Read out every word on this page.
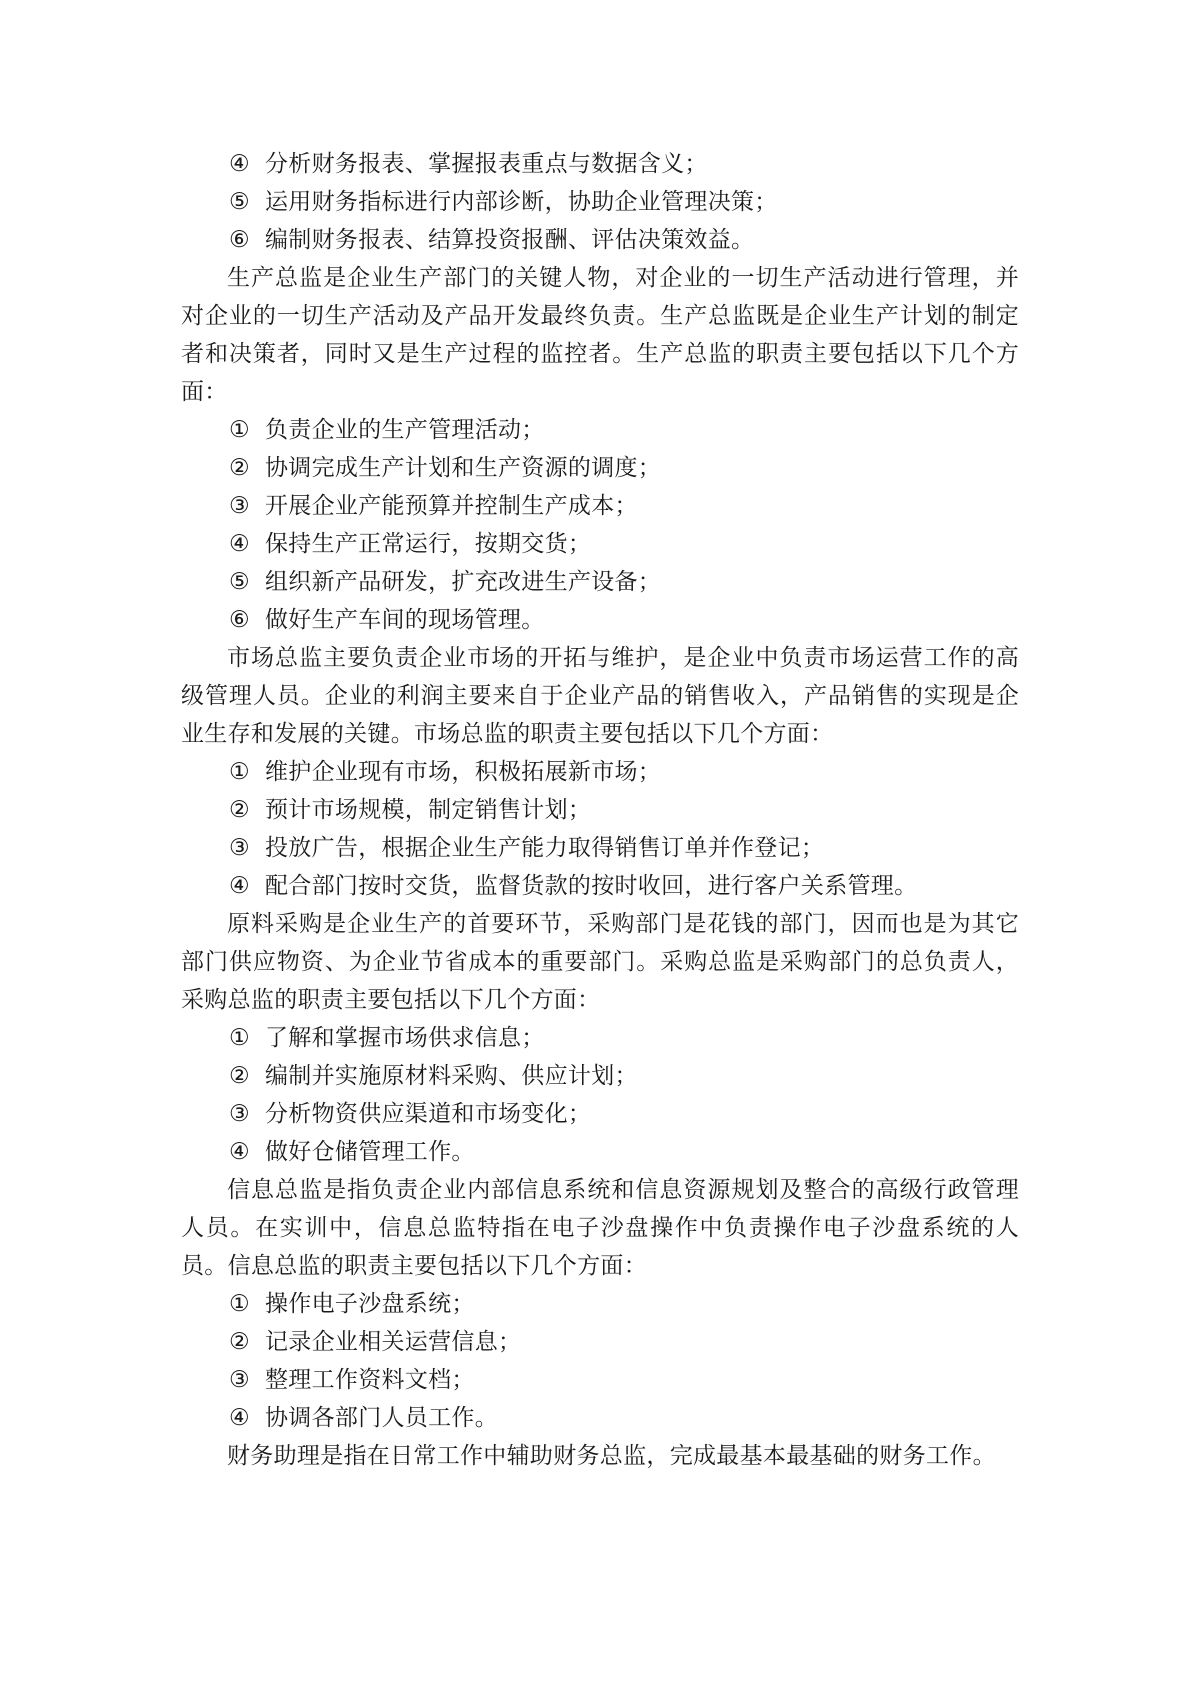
④ 分析财务报表、掌握报表重点与数据含义；

⑤ 运用财务指标进行内部诊断，协助企业管理决策；

⑥ 编制财务报表、结算投资报酬、评估决策效益。

生产总监是企业生产部门的关键人物，对企业的一切生产活动进行管理，并对企业的一切生产活动及产品开发最终负责。生产总监既是企业生产计划的制定者和决策者，同时又是生产过程的监控者。生产总监的职责主要包括以下几个方面：

① 负责企业的生产管理活动；

② 协调完成生产计划和生产资源的调度；

③ 开展企业产能预算并控制生产成本；

④ 保持生产正常运行，按期交货；

⑤ 组织新产品研发，扩充改进生产设备；

⑥ 做好生产车间的现场管理。

市场总监主要负责企业市场的开拓与维护，是企业中负责市场运营工作的高级管理人员。企业的利润主要来自于企业产品的销售收入，产品销售的实现是企业生存和发展的关键。市场总监的职责主要包括以下几个方面：

① 维护企业现有市场，积极拓展新市场；

② 预计市场规模，制定销售计划；

③ 投放广告，根据企业生产能力取得销售订单并作登记；

④ 配合部门按时交货，监督货款的按时收回，进行客户关系管理。

原料采购是企业生产的首要环节，采购部门是花钱的部门，因而也是为其它部门供应物资、为企业节省成本的重要部门。采购总监是采购部门的总负责人，采购总监的职责主要包括以下几个方面：

① 了解和掌握市场供求信息；

② 编制并实施原材料采购、供应计划；

③ 分析物资供应渠道和市场变化；

④ 做好仓储管理工作。

信息总监是指负责企业内部信息系统和信息资源规划及整合的高级行政管理人员。在实训中，信息总监特指在电子沙盘操作中负责操作电子沙盘系统的人员。信息总监的职责主要包括以下几个方面：

① 操作电子沙盘系统；

② 记录企业相关运营信息；

③ 整理工作资料文档；

④ 协调各部门人员工作。

财务助理是指在日常工作中辅助财务总监，完成最基本最基础的财务工作。
